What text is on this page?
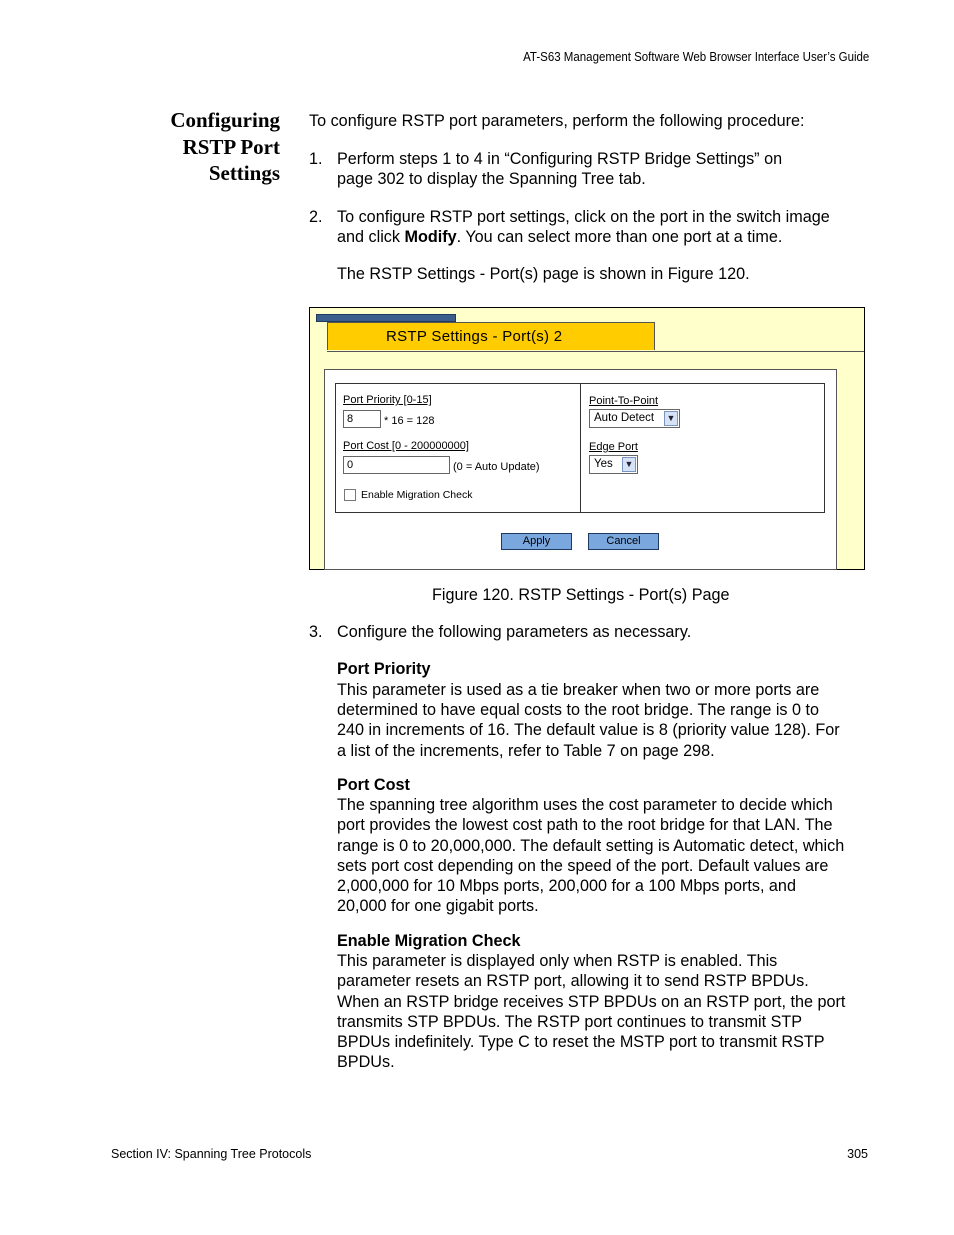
AT-S63 Management Software Web Browser Interface User’s Guide
Configuring
RSTP Port
Settings
To configure RSTP port parameters, perform the following procedure:
1. Perform steps 1 to 4 in “Configuring RSTP Bridge Settings” on
page 302 to display the Spanning Tree tab.
2. To configure RSTP port settings, click on the port in the switch image
and click Modify. You can select more than one port at a time.
The RSTP Settings - Port(s) page is shown in Figure 120.
RSTP Settings - Port(s) 2
Port Priority [0-15]
8	* 16 = 128
Port Cost [0 - 200000000]
0	(0 = Auto Update)
Enable Migration Check
Point-To-Point
Auto Detect ▼
Edge Port
Yes ▼
Apply	Cancel
Figure 120. RSTP Settings - Port(s) Page
3. Configure the following parameters as necessary.
Port Priority
This parameter is used as a tie breaker when two or more ports are
determined to have equal costs to the root bridge. The range is 0 to
240 in increments of 16. The default value is 8 (priority value 128). For
a list of the increments, refer to Table 7 on page 298.
Port Cost
The spanning tree algorithm uses the cost parameter to decide which
port provides the lowest cost path to the root bridge for that LAN. The
range is 0 to 20,000,000. The default setting is Automatic detect, which
sets port cost depending on the speed of the port. Default values are
2,000,000 for 10 Mbps ports, 200,000 for a 100 Mbps ports, and
20,000 for one gigabit ports.
Enable Migration Check
This parameter is displayed only when RSTP is enabled. This
parameter resets an RSTP port, allowing it to send RSTP BPDUs.
When an RSTP bridge receives STP BPDUs on an RSTP port, the port
transmits STP BPDUs. The RSTP port continues to transmit STP
BPDUs indefinitely. Type C to reset the MSTP port to transmit RSTP
BPDUs.
Section IV: Spanning Tree Protocols	305
